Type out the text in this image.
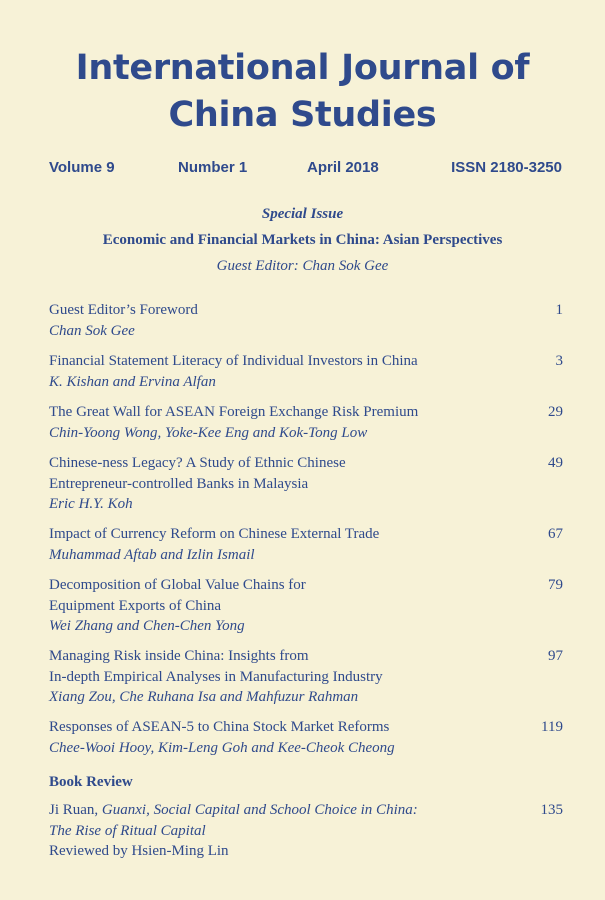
International Journal of
China Studies
Volume 9	Number 1	April 2018	ISSN 2180-3250
Special Issue
Economic and Financial Markets in China: Asian Perspectives
Guest Editor: Chan Sok Gee
Guest Editor’s Foreword
Chan Sok Gee
1
Financial Statement Literacy of Individual Investors in China
K. Kishan and Ervina Alfan
3
The Great Wall for ASEAN Foreign Exchange Risk Premium
Chin-Yoong Wong, Yoke-Kee Eng and Kok-Tong Low
29
Chinese-ness Legacy? A Study of Ethnic Chinese
Entrepreneur-controlled Banks in Malaysia
Eric H.Y. Koh
49
Impact of Currency Reform on Chinese External Trade
Muhammad Aftab and Izlin Ismail
67
Decomposition of Global Value Chains for
Equipment Exports of China
Wei Zhang and Chen-Chen Yong
79
Managing Risk inside China: Insights from
In-depth Empirical Analyses in Manufacturing Industry
Xiang Zou, Che Ruhana Isa and Mahfuzur Rahman
97
Responses of ASEAN-5 to China Stock Market Reforms
Chee-Wooi Hooy, Kim-Leng Goh and Kee-Cheok Cheong
119
Book Review
Ji Ruan, Guanxi, Social Capital and School Choice in China:
The Rise of Ritual Capital
Reviewed by Hsien-Ming Lin
135
